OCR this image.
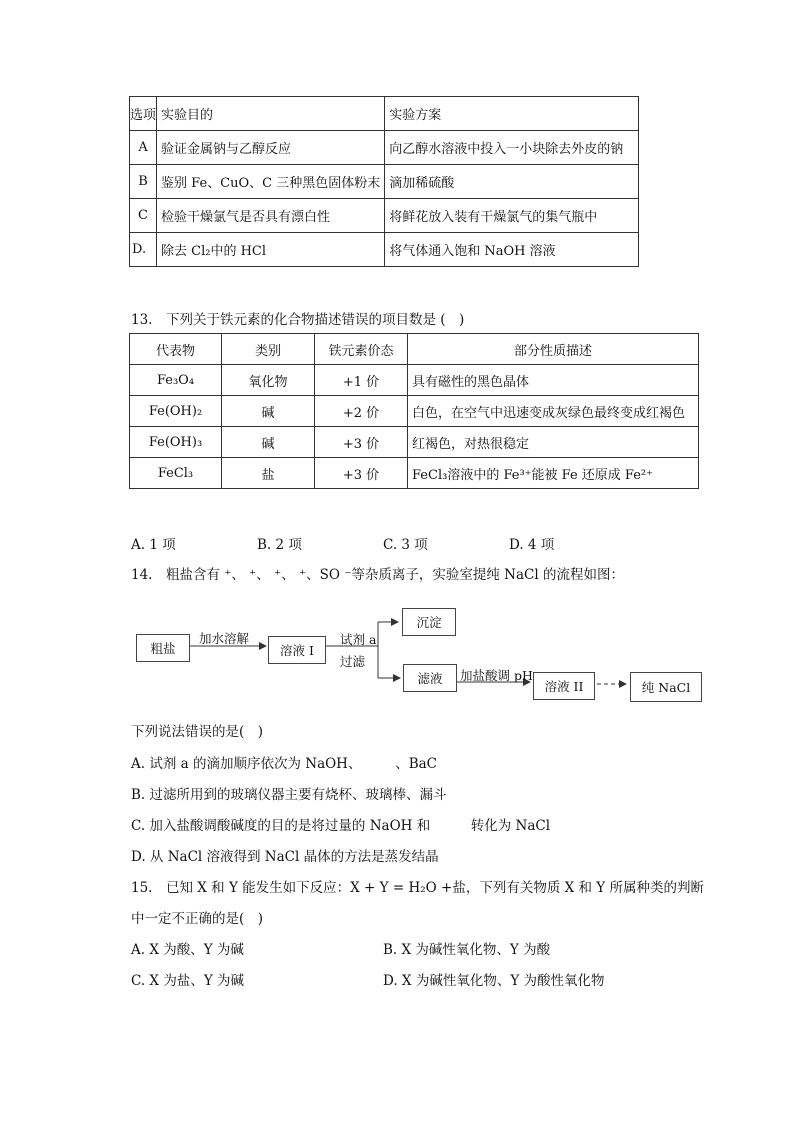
选项	实验目的	实验方案
A	验证金属钠与乙醇反应	向乙醇水溶液中投入一小块除去外皮的钠
B	鉴别 Fe、CuO、C 三种黑色固体粉末	滴加稀硫酸
C	检验干燥氯气是否具有漂白性	将鲜花放入装有干燥氯气的集气瓶中
D.	除去 Cl₂中的 HCl	将气体通入饱和 NaOH 溶液
13.　下列关于铁元素的化合物描述错误的项目数是 (　)
代表物	类别	铁元素价态	部分性质描述
Fe₃O₄	氧化物	+1 价	具有磁性的黑色晶体
Fe(OH)₂	碱	+2 价	白色，在空气中迅速变成灰绿色最终变成红褐色
Fe(OH)₃	碱	+3 价	红褐色，对热很稳定
FeCl₃	盐	+3 价	FeCl₃溶液中的 Fe³⁺能被 Fe 还原成 Fe²⁺
A. 1 项	B. 2 项	C. 3 项	D. 4 项
14.　粗盐含有 ⁺、 ⁺、 ⁺、 ⁺、SO ⁻等杂质离子，实验室提纯 NaCl 的流程如图：
粗盐
加水溶解
溶液 I
试剂 a
过滤
沉淀
滤液	加盐酸调 pH
溶液 II	纯 NaCl
下列说法错误的是(　)
A. 试剂 a 的滴加顺序依次为 NaOH、　　　、BaC
B. 过滤所用到的玻璃仪器主要有烧杯、玻璃棒、漏斗
C. 加入盐酸调酸碱度的目的是将过量的 NaOH 和　　　转化为 NaCl
D. 从 NaCl 溶液得到 NaCl 晶体的方法是蒸发结晶
15.　已知 X 和 Y 能发生如下反应：X + Y = H₂O +盐，下列有关物质 X 和 Y 所属种类的判断
中一定不正确的是(　)
A. X 为酸、Y 为碱	B. X 为碱性氧化物、Y 为酸
C. X 为盐、Y 为碱	D. X 为碱性氧化物、Y 为酸性氧化物
